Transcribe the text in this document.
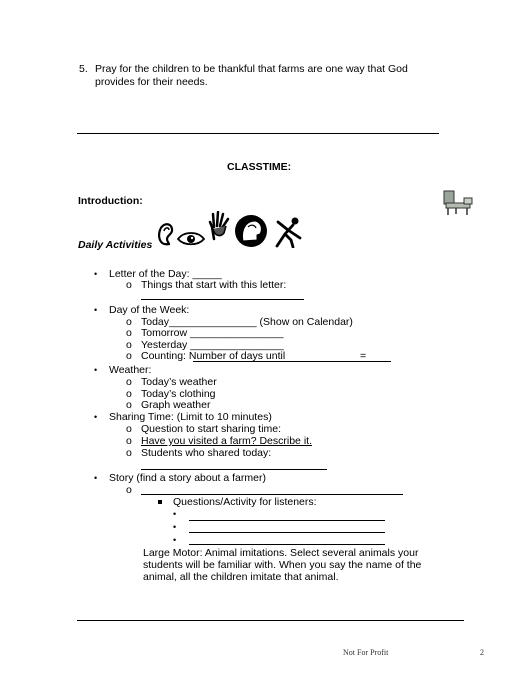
5. Pray for the children to be thankful that farms are one way that God
provides for their needs.
CLASSTIME:
Introduction:
Daily Activities
• Letter of the Day: _____
o Things that start with this letter:
• Day of the Week:
o Today_______________ (Show on Calendar)
o Tomorrow ________________
o Yesterday ________________
o Counting: Number of days until	=
• Weather:
o Today’s weather
o Today’s clothing
o Graph weather
• Sharing Time: (Limit to 10 minutes)
o Question to start sharing time:
o Have you visited a farm? Describe it.
o Students who shared today:
• Story (find a story about a farmer)
o
Questions/Activity for listeners:
•
•
•
Large Motor: Animal imitations. Select several animals your
students will be familiar with. When you say the name of the
animal, all the children imitate that animal.
Not For Profit	2
